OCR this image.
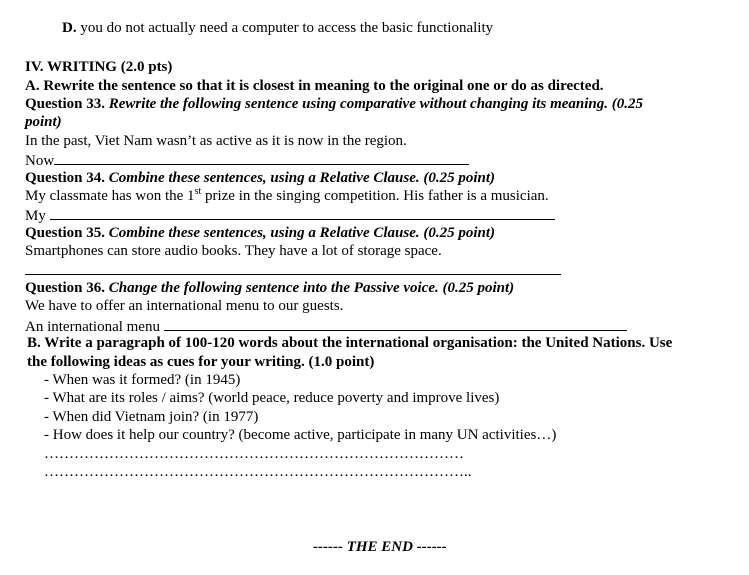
D. you do not actually need a computer to access the basic functionality
IV. WRITING (2.0 pts)
A. Rewrite the sentence so that it is closest in meaning to the original one or do as directed.
Question 33. Rewrite the following sentence using comparative without changing its meaning. (0.25
point)
In the past, Viet Nam wasn’t as active as it is now in the region.
Now
Question 34. Combine these sentences, using a Relative Clause. (0.25 point)
My classmate has won the 1st prize in the singing competition. His father is a musician.
My
Question 35. Combine these sentences, using a Relative Clause. (0.25 point)
Smartphones can store audio books. They have a lot of storage space.
Question 36. Change the following sentence into the Passive voice. (0.25 point)
We have to offer an international menu to our guests.
An international menu
B. Write a paragraph of 100-120 words about the international organisation: the United Nations. Use
the following ideas as cues for your writing. (1.0 point)
- When was it formed? (in 1945)
- What are its roles / aims? (world peace, reduce poverty and improve lives)
- When did Vietnam join? (in 1977)
- How does it help our country? (become active, participate in many UN activities…)
…………………………………………………………………………
…………………………………………………………………………..
------ THE END ------
